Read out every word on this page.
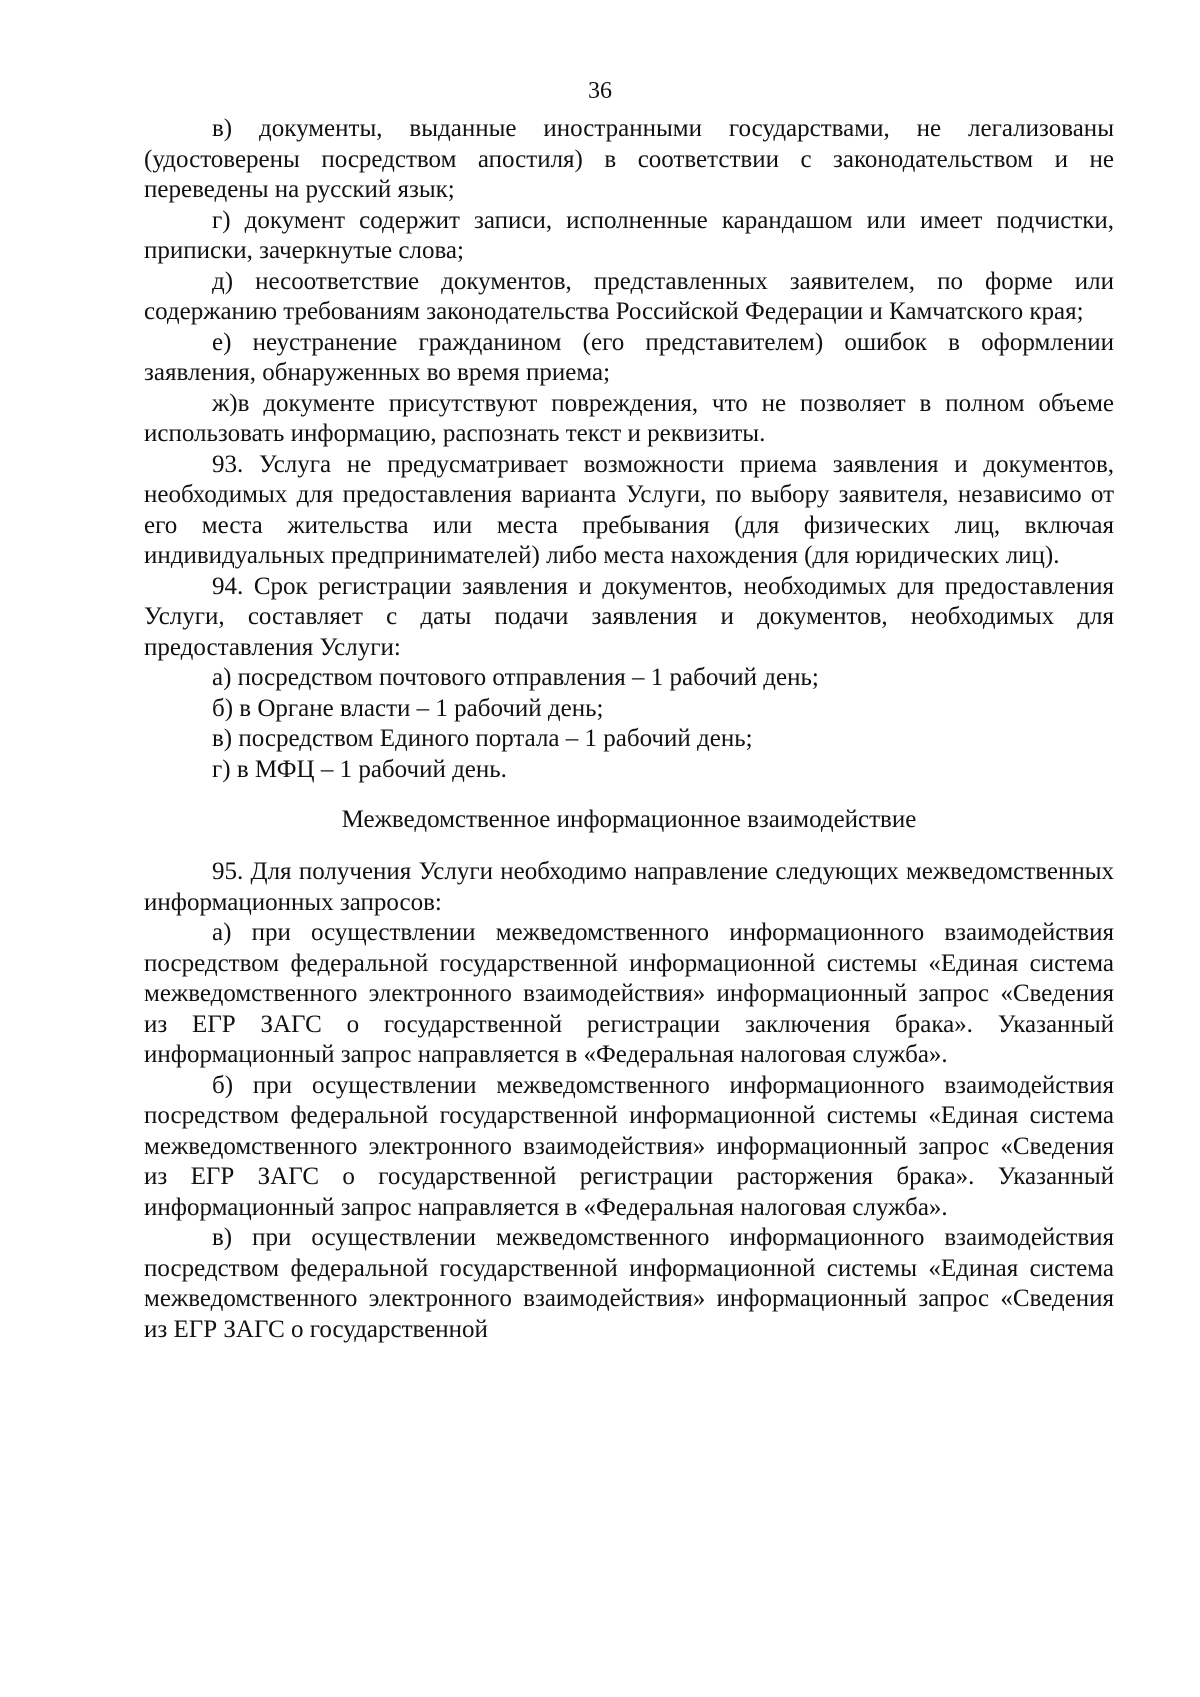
36

в) документы, выданные иностранными государствами, не легализованы (удостоверены посредством апостиля) в соответствии с законодательством и не переведены на русский язык;

г) документ содержит записи, исполненные карандашом или имеет подчистки, приписки, зачеркнутые слова;

д) несоответствие документов, представленных заявителем, по форме или содержанию требованиям законодательства Российской Федерации и Камчатского края;

е) неустранение гражданином (его представителем) ошибок в оформлении заявления, обнаруженных во время приема;

ж)в документе присутствуют повреждения, что не позволяет в полном объеме использовать информацию, распознать текст и реквизиты.

93. Услуга не предусматривает возможности приема заявления и документов, необходимых для предоставления варианта Услуги, по выбору заявителя, независимо от его места жительства или места пребывания (для физических лиц, включая индивидуальных предпринимателей) либо места нахождения (для юридических лиц).

94. Срок регистрации заявления и документов, необходимых для предоставления Услуги, составляет с даты подачи заявления и документов, необходимых для предоставления Услуги:

а) посредством почтового отправления – 1 рабочий день;

б) в Органе власти – 1 рабочий день;

в) посредством Единого портала – 1 рабочий день;

г) в МФЦ – 1 рабочий день.

Межведомственное информационное взаимодействие

95. Для получения Услуги необходимо направление следующих межведомственных информационных запросов:

а) при осуществлении межведомственного информационного взаимодействия посредством федеральной государственной информационной системы «Единая система межведомственного электронного взаимодействия» информационный запрос «Сведения из ЕГР ЗАГС о государственной регистрации заключения брака». Указанный информационный запрос направляется в «Федеральная налоговая служба».

б) при осуществлении межведомственного информационного взаимодействия посредством федеральной государственной информационной системы «Единая система межведомственного электронного взаимодействия» информационный запрос «Сведения из ЕГР ЗАГС о государственной регистрации расторжения брака». Указанный информационный запрос направляется в «Федеральная налоговая служба».

в) при осуществлении межведомственного информационного взаимодействия посредством федеральной государственной информационной системы «Единая система межведомственного электронного взаимодействия» информационный запрос «Сведения из ЕГР ЗАГС о государственной
